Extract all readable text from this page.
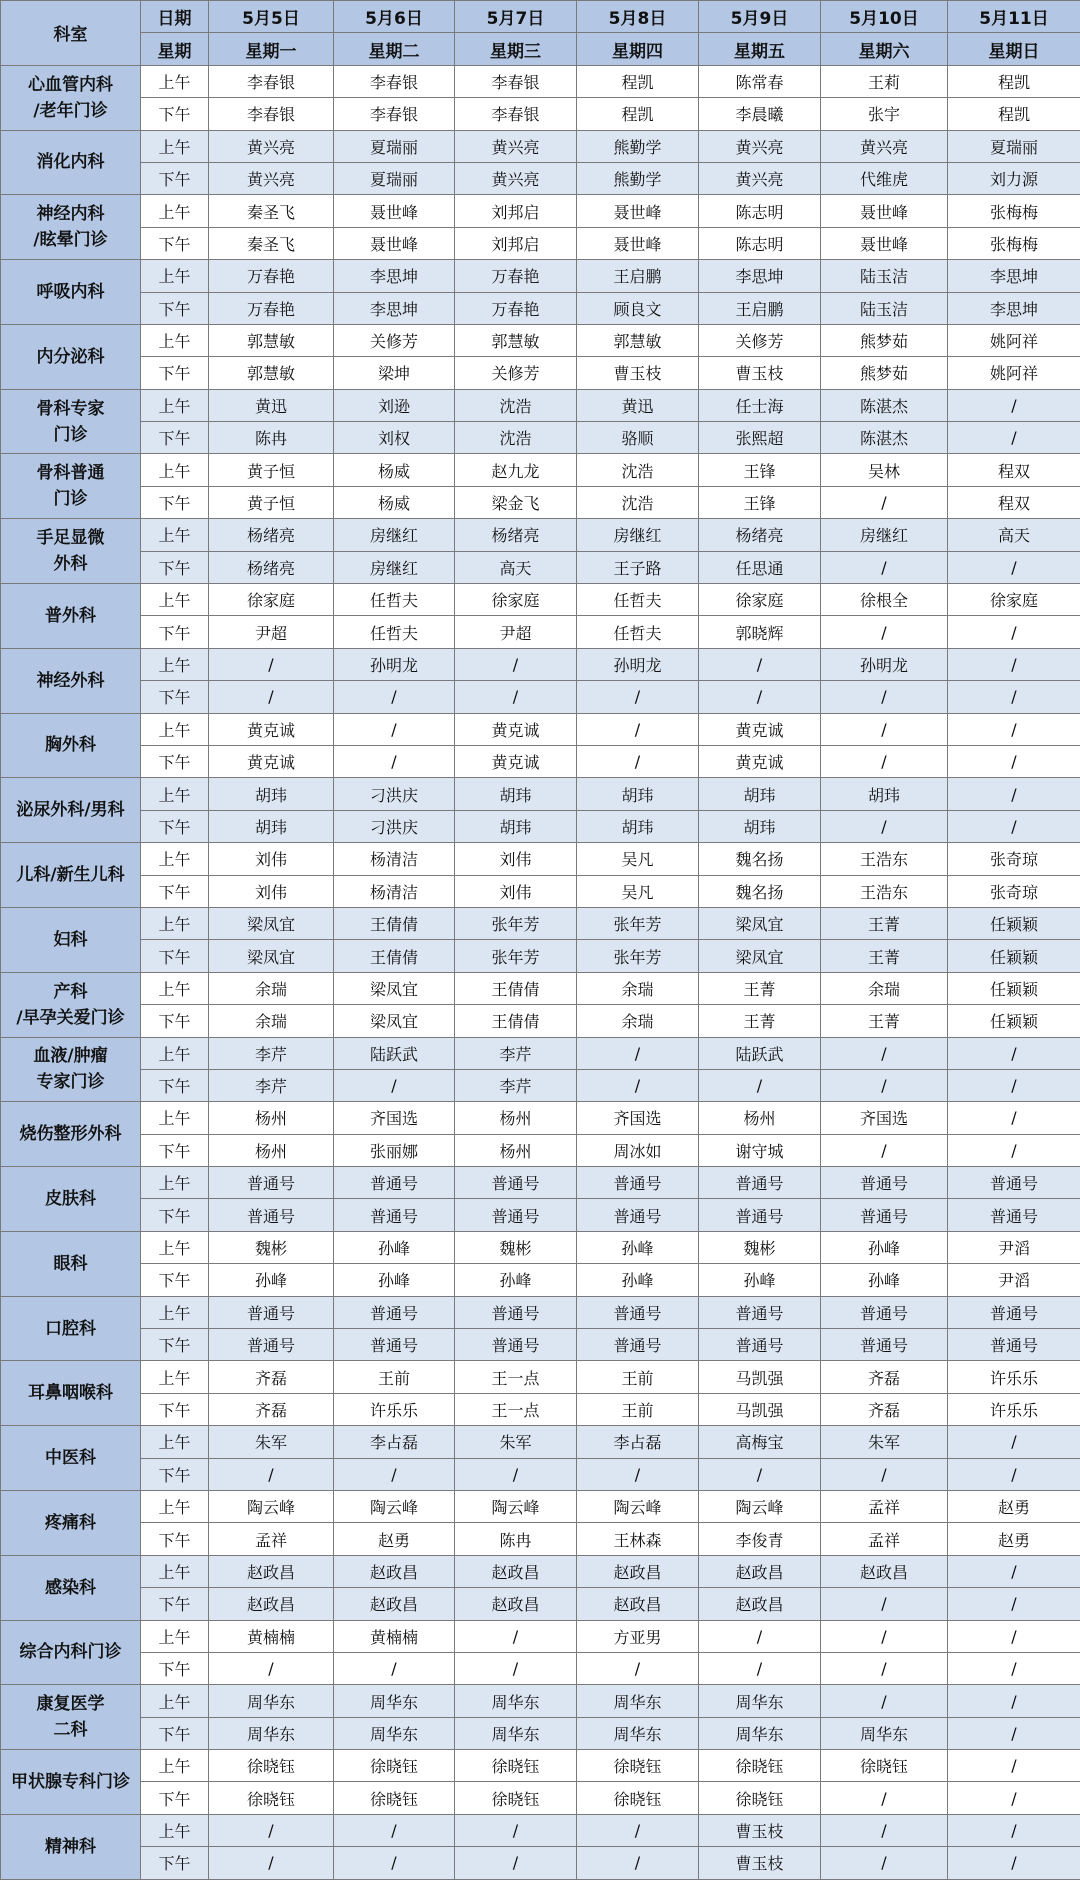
科室	日期	5月5日	5月6日	5月7日	5月8日	5月9日	5月10日	5月11日
	星期	星期一	星期二	星期三	星期四	星期五	星期六	星期日
心血管内科
/老年门诊	上午	李春银	李春银	李春银	程凯	陈常春	王莉	程凯
	下午	李春银	李春银	李春银	程凯	李晨曦	张宇	程凯
消化内科	上午	黄兴亮	夏瑞丽	黄兴亮	熊勤学	黄兴亮	黄兴亮	夏瑞丽
	下午	黄兴亮	夏瑞丽	黄兴亮	熊勤学	黄兴亮	代维虎	刘力源
神经内科
/眩晕门诊	上午	秦圣飞	聂世峰	刘邦启	聂世峰	陈志明	聂世峰	张梅梅
	下午	秦圣飞	聂世峰	刘邦启	聂世峰	陈志明	聂世峰	张梅梅
呼吸内科	上午	万春艳	李思坤	万春艳	王启鹏	李思坤	陆玉洁	李思坤
	下午	万春艳	李思坤	万春艳	顾良文	王启鹏	陆玉洁	李思坤
内分泌科	上午	郭慧敏	关修芳	郭慧敏	郭慧敏	关修芳	熊梦茹	姚阿祥
	下午	郭慧敏	梁坤	关修芳	曹玉枝	曹玉枝	熊梦茹	姚阿祥
骨科专家
门诊	上午	黄迅	刘逊	沈浩	黄迅	任士海	陈湛杰	/
	下午	陈冉	刘权	沈浩	骆顺	张熙超	陈湛杰	/
骨科普通
门诊	上午	黄子恒	杨威	赵九龙	沈浩	王锋	吴林	程双
	下午	黄子恒	杨威	梁金飞	沈浩	王锋	/	程双
手足显微
外科	上午	杨绪亮	房继红	杨绪亮	房继红	杨绪亮	房继红	高天
	下午	杨绪亮	房继红	高天	王子路	任思通	/	/
普外科	上午	徐家庭	任哲夫	徐家庭	任哲夫	徐家庭	徐根全	徐家庭
	下午	尹超	任哲夫	尹超	任哲夫	郭晓辉	/	/
神经外科	上午	/	孙明龙	/	孙明龙	/	孙明龙	/
	下午	/	/	/	/	/	/	/
胸外科	上午	黄克诚	/	黄克诚	/	黄克诚	/	/
	下午	黄克诚	/	黄克诚	/	黄克诚	/	/
泌尿外科/男科	上午	胡玮	刁洪庆	胡玮	胡玮	胡玮	胡玮	/
	下午	胡玮	刁洪庆	胡玮	胡玮	胡玮	/	/
儿科/新生儿科	上午	刘伟	杨清洁	刘伟	吴凡	魏名扬	王浩东	张奇琼
	下午	刘伟	杨清洁	刘伟	吴凡	魏名扬	王浩东	张奇琼
妇科	上午	梁凤宜	王倩倩	张年芳	张年芳	梁凤宜	王菁	任颖颖
	下午	梁凤宜	王倩倩	张年芳	张年芳	梁凤宜	王菁	任颖颖
产科
/早孕关爱门诊	上午	余瑞	梁凤宜	王倩倩	余瑞	王菁	余瑞	任颖颖
	下午	余瑞	梁凤宜	王倩倩	余瑞	王菁	王菁	任颖颖
血液/肿瘤
专家门诊	上午	李芹	陆跃武	李芹	/	陆跃武	/	/
	下午	李芹	/	李芹	/	/	/	/
烧伤整形外科	上午	杨州	齐国选	杨州	齐国选	杨州	齐国选	/
	下午	杨州	张丽娜	杨州	周冰如	谢守城	/	/
皮肤科	上午	普通号	普通号	普通号	普通号	普通号	普通号	普通号
	下午	普通号	普通号	普通号	普通号	普通号	普通号	普通号
眼科	上午	魏彬	孙峰	魏彬	孙峰	魏彬	孙峰	尹滔
	下午	孙峰	孙峰	孙峰	孙峰	孙峰	孙峰	尹滔
口腔科	上午	普通号	普通号	普通号	普通号	普通号	普通号	普通号
	下午	普通号	普通号	普通号	普通号	普通号	普通号	普通号
耳鼻咽喉科	上午	齐磊	王前	王一点	王前	马凯强	齐磊	许乐乐
	下午	齐磊	许乐乐	王一点	王前	马凯强	齐磊	许乐乐
中医科	上午	朱军	李占磊	朱军	李占磊	高梅宝	朱军	/
	下午	/	/	/	/	/	/	/
疼痛科	上午	陶云峰	陶云峰	陶云峰	陶云峰	陶云峰	孟祥	赵勇
	下午	孟祥	赵勇	陈冉	王林森	李俊青	孟祥	赵勇
感染科	上午	赵政昌	赵政昌	赵政昌	赵政昌	赵政昌	赵政昌	/
	下午	赵政昌	赵政昌	赵政昌	赵政昌	赵政昌	/	/
综合内科门诊	上午	黄楠楠	黄楠楠	/	方亚男	/	/	/
	下午	/	/	/	/	/	/	/
康复医学
二科	上午	周华东	周华东	周华东	周华东	周华东	/	/
	下午	周华东	周华东	周华东	周华东	周华东	周华东	/
甲状腺专科门诊	上午	徐晓钰	徐晓钰	徐晓钰	徐晓钰	徐晓钰	徐晓钰	/
	下午	徐晓钰	徐晓钰	徐晓钰	徐晓钰	徐晓钰	/	/
精神科	上午	/	/	/	/	曹玉枝	/	/
	下午	/	/	/	/	曹玉枝	/	/
